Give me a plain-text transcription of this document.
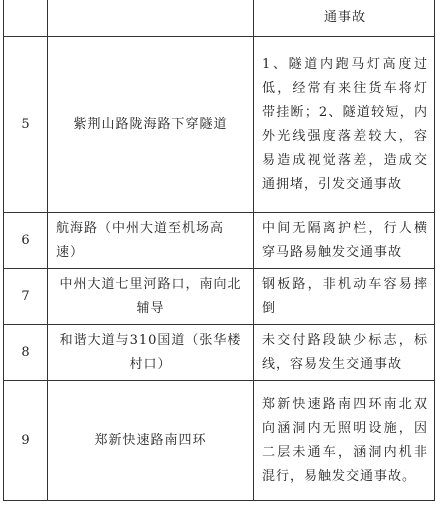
		通事故
5	紫荆山路陇海路下穿隧道	1、隧道内跑马灯高度过低，经常有来往货车将灯带挂断；2、隧道较短，内外光线强度落差较大，容易造成视觉落差，造成交通拥堵，引发交通事故
6	航海路（中州大道至机场高速）	中间无隔离护栏，行人横穿马路易触发交通事故
7	中州大道七里河路口，南向北辅导	钢板路，非机动车容易摔倒
8	和谐大道与310国道（张华楼村口）	未交付路段缺少标志，标线，容易发生交通事故
9	郑新快速路南四环	郑新快速路南四环南北双向涵洞内无照明设施，因二层未通车，涵洞内机非混行，易触发交通事故。
